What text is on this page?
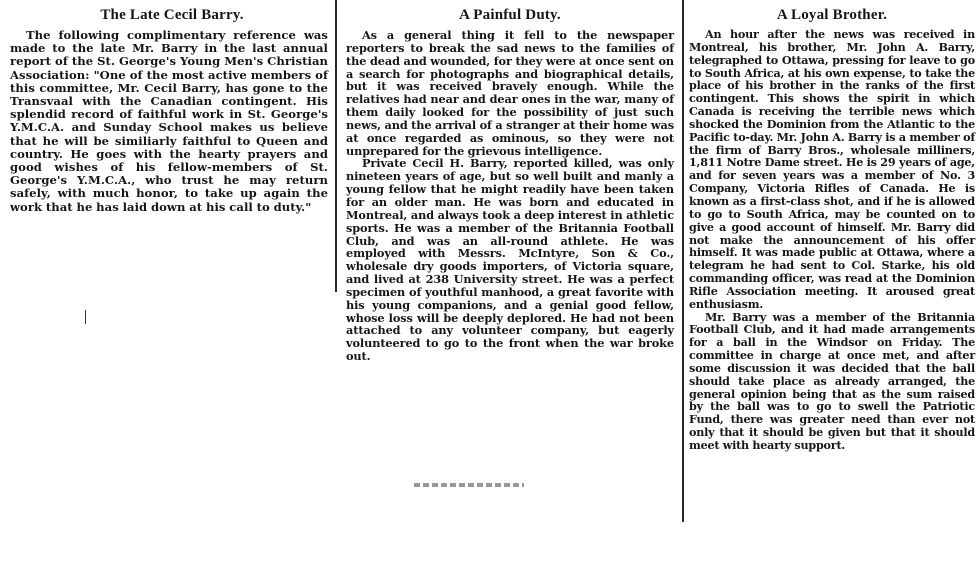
The Late Cecil Barry.

The following complimentary reference was made to the late Mr. Barry in the last annual report of the St. George's Young Men's Christian Association: "One of the most active members of this committee, Mr. Cecil Barry, has gone to the Transvaal with the Canadian contingent. His splendid record of faithful work in St. George's Y.M.C.A. and Sunday School makes us believe that he will be similiarly faithful to Queen and country. He goes with the hearty prayers and good wishes of his fellow-members of St. George's Y.M.C.A., who trust he may return safely, with much honor, to take up again the work that he has laid down at his call to duty."

A Painful Duty.

As a general thing it fell to the newspaper reporters to break the sad news to the families of the dead and wounded, for they were at once sent on a search for photographs and biographical details, but it was received bravely enough. While the relatives had near and dear ones in the war, many of them daily looked for the possibility of just such news, and the arrival of a stranger at their home was at once regarded as ominous, so they were not unprepared for the grievous intelligence.

Private Cecil H. Barry, reported killed, was only nineteen years of age, but so well built and manly a young fellow that he might readily have been taken for an older man. He was born and educated in Montreal, and always took a deep interest in athletic sports. He was a member of the Britannia Football Club, and was an all-round athlete. He was employed with Messrs. McIntyre, Son & Co., wholesale dry goods importers, of Victoria square, and lived at 238 University street. He was a perfect specimen of youthful manhood, a great favorite with his young companions, and a genial good fellow, whose loss will be deeply deplored. He had not been attached to any volunteer company, but eagerly volunteered to go to the front when the war broke out.

A Loyal Brother.

An hour after the news was received in Montreal, his brother, Mr. John A. Barry, telegraphed to Ottawa, pressing for leave to go to South Africa, at his own expense, to take the place of his brother in the ranks of the first contingent. This shows the spirit in which Canada is receiving the terrible news which shocked the Dominion from the Atlantic to the Pacific to-day. Mr. John A. Barry is a member of the firm of Barry Bros., wholesale milliners, 1,811 Notre Dame street. He is 29 years of age, and for seven years was a member of No. 3 Company, Victoria Rifles of Canada. He is known as a first-class shot, and if he is allowed to go to South Africa, may be counted on to give a good account of himself. Mr. Barry did not make the announcement of his offer himself. It was made public at Ottawa, where a telegram he had sent to Col. Starke, his old commanding officer, was read at the Dominion Rifle Association meeting. It aroused great enthusiasm.

Mr. Barry was a member of the Britannia Football Club, and it had made arrangements for a ball in the Windsor on Friday. The committee in charge at once met, and after some discussion it was decided that the ball should take place as already arranged, the general opinion being that as the sum raised by the ball was to go to swell the Patriotic Fund, there was greater need than ever not only that it should be given but that it should meet with hearty support.
